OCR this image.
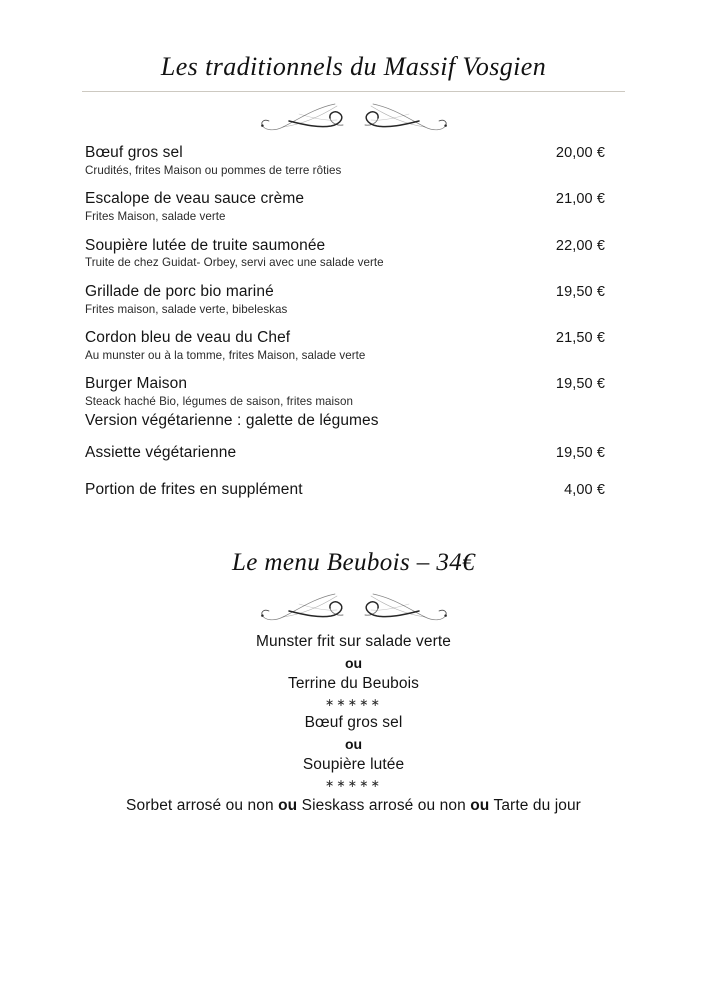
Les traditionnels du Massif Vosgien
Bœuf gros sel	20,00 €
Crudités, frites Maison ou pommes de terre rôties
Escalope de veau sauce crème	21,00 €
Frites Maison, salade verte
Soupière lutée de truite saumonée	22,00 €
Truite de chez Guidat- Orbey, servi avec une salade verte
Grillade de porc bio mariné	19,50 €
Frites maison, salade verte, bibeleskas
Cordon bleu de veau du Chef	21,50 €
Au munster ou à la tomme, frites Maison, salade verte
Burger Maison	19,50 €
Steack haché Bio, légumes de saison, frites maison
Version végétarienne : galette de légumes
Assiette végétarienne	19,50 €
Portion de frites en supplément	4,00 €
Le menu Beubois – 34€
Munster frit sur salade verte
ou
Terrine du Beubois
∗∗∗∗∗
Bœuf gros sel
ou
Soupière lutée
∗∗∗∗∗
Sorbet arrosé ou non ou Sieskass arrosé ou non ou Tarte du jour
